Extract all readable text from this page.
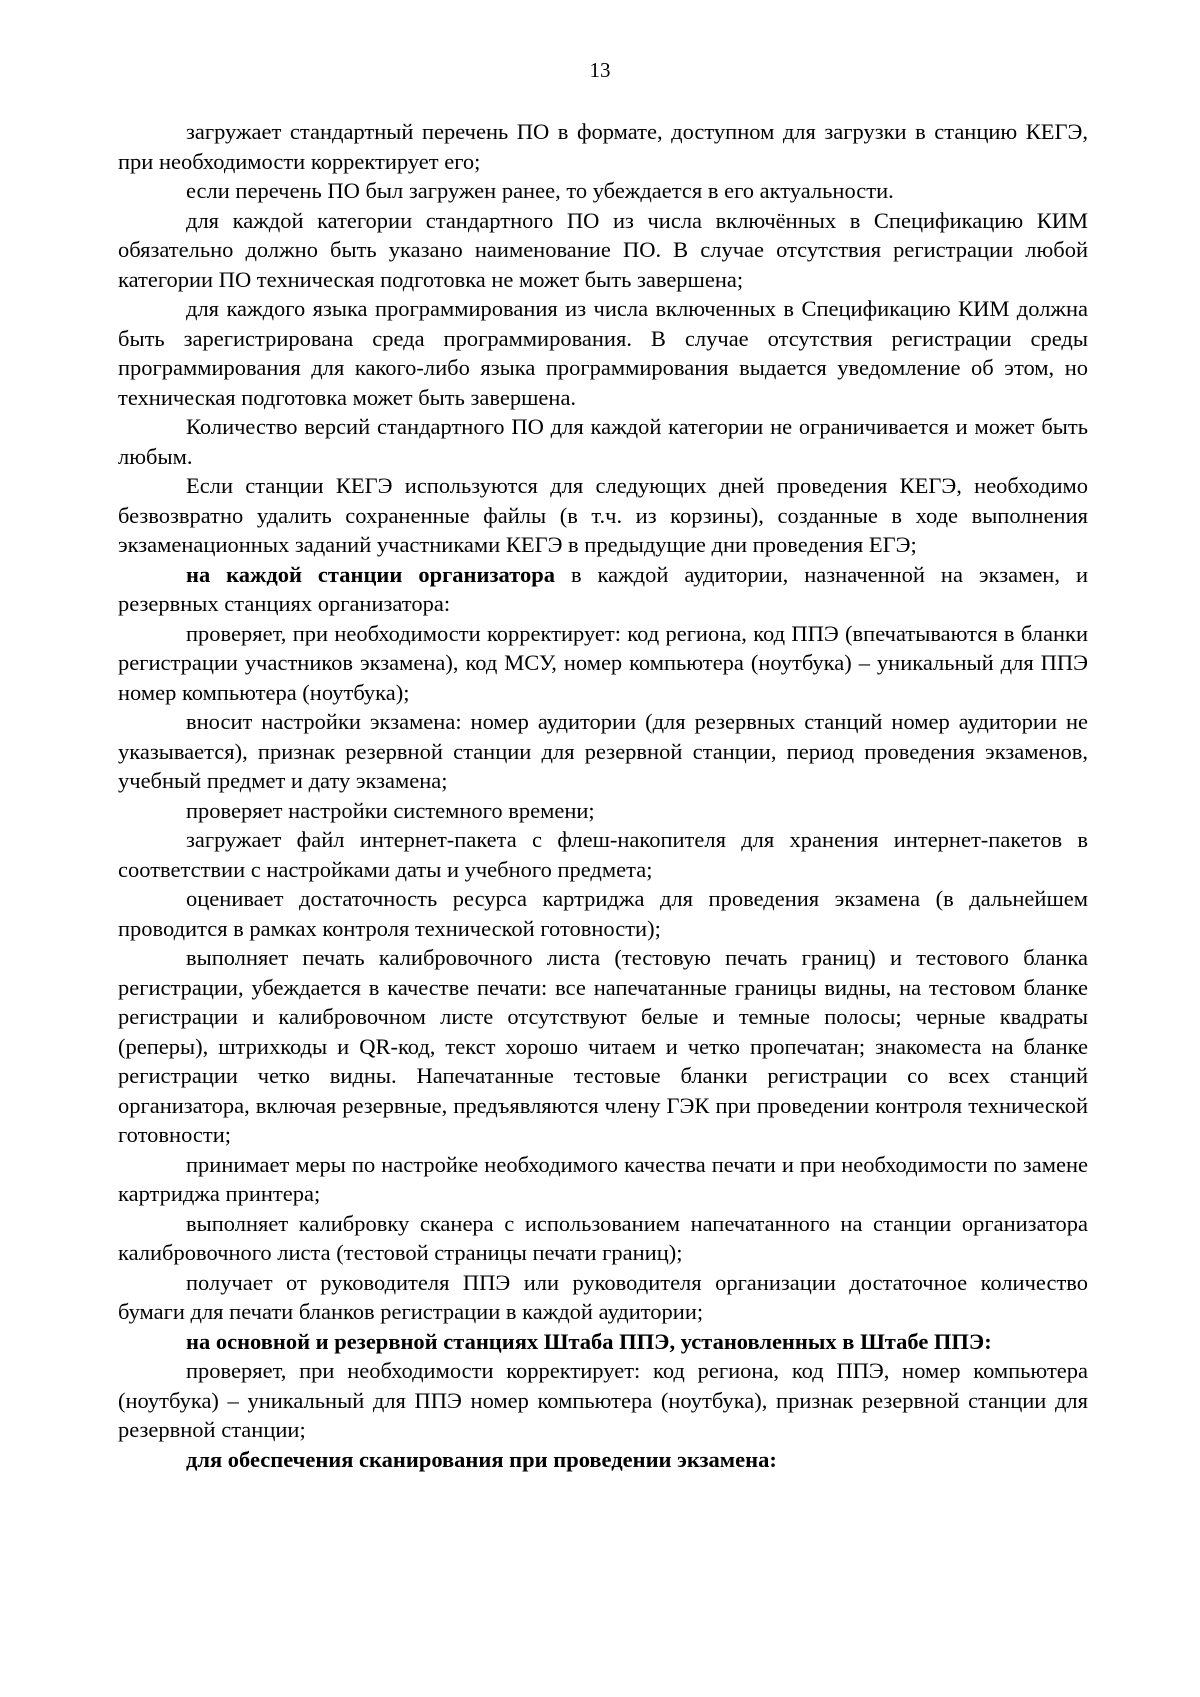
13

загружает стандартный перечень ПО в формате, доступном для загрузки в станцию КЕГЭ, при необходимости корректирует его;

если перечень ПО был загружен ранее, то убеждается в его актуальности.

для каждой категории стандартного ПО из числа включённых в Спецификацию КИМ обязательно должно быть указано наименование ПО. В случае отсутствия регистрации любой категории ПО техническая подготовка не может быть завершена;

для каждого языка программирования из числа включенных в Спецификацию КИМ должна быть зарегистрирована среда программирования. В случае отсутствия регистрации среды программирования для какого-либо языка программирования выдается уведомление об этом, но техническая подготовка может быть завершена.

Количество версий стандартного ПО для каждой категории не ограничивается и может быть любым.

Если станции КЕГЭ используются для следующих дней проведения КЕГЭ, необходимо безвозвратно удалить сохраненные файлы (в т.ч. из корзины), созданные в ходе выполнения экзаменационных заданий участниками КЕГЭ в предыдущие дни проведения ЕГЭ;

на каждой станции организатора в каждой аудитории, назначенной на экзамен, и резервных станциях организатора:

проверяет, при необходимости корректирует: код региона, код ППЭ (впечатываются в бланки регистрации участников экзамена), код МСУ, номер компьютера (ноутбука) – уникальный для ППЭ номер компьютера (ноутбука);

вносит настройки экзамена: номер аудитории (для резервных станций номер аудитории не указывается), признак резервной станции для резервной станции, период проведения экзаменов, учебный предмет и дату экзамена;

проверяет настройки системного времени;

загружает файл интернет-пакета с флеш-накопителя для хранения интернет-пакетов в соответствии с настройками даты и учебного предмета;

оценивает достаточность ресурса картриджа для проведения экзамена (в дальнейшем проводится в рамках контроля технической готовности);

выполняет печать калибровочного листа (тестовую печать границ) и тестового бланка регистрации, убеждается в качестве печати: все напечатанные границы видны, на тестовом бланке регистрации и калибровочном листе отсутствуют белые и темные полосы; черные квадраты (реперы), штрихкоды и QR-код, текст хорошо читаем и четко пропечатан; знакоместа на бланке регистрации четко видны. Напечатанные тестовые бланки регистрации со всех станций организатора, включая резервные, предъявляются члену ГЭК при проведении контроля технической готовности;

принимает меры по настройке необходимого качества печати и при необходимости по замене картриджа принтера;

выполняет калибровку сканера с использованием напечатанного на станции организатора калибровочного листа (тестовой страницы печати границ);

получает от руководителя ППЭ или руководителя организации достаточное количество бумаги для печати бланков регистрации в каждой аудитории;

на основной и резервной станциях Штаба ППЭ, установленных в Штабе ППЭ:

проверяет, при необходимости корректирует: код региона, код ППЭ, номер компьютера (ноутбука) – уникальный для ППЭ номер компьютера (ноутбука), признак резервной станции для резервной станции;

для обеспечения сканирования при проведении экзамена:
